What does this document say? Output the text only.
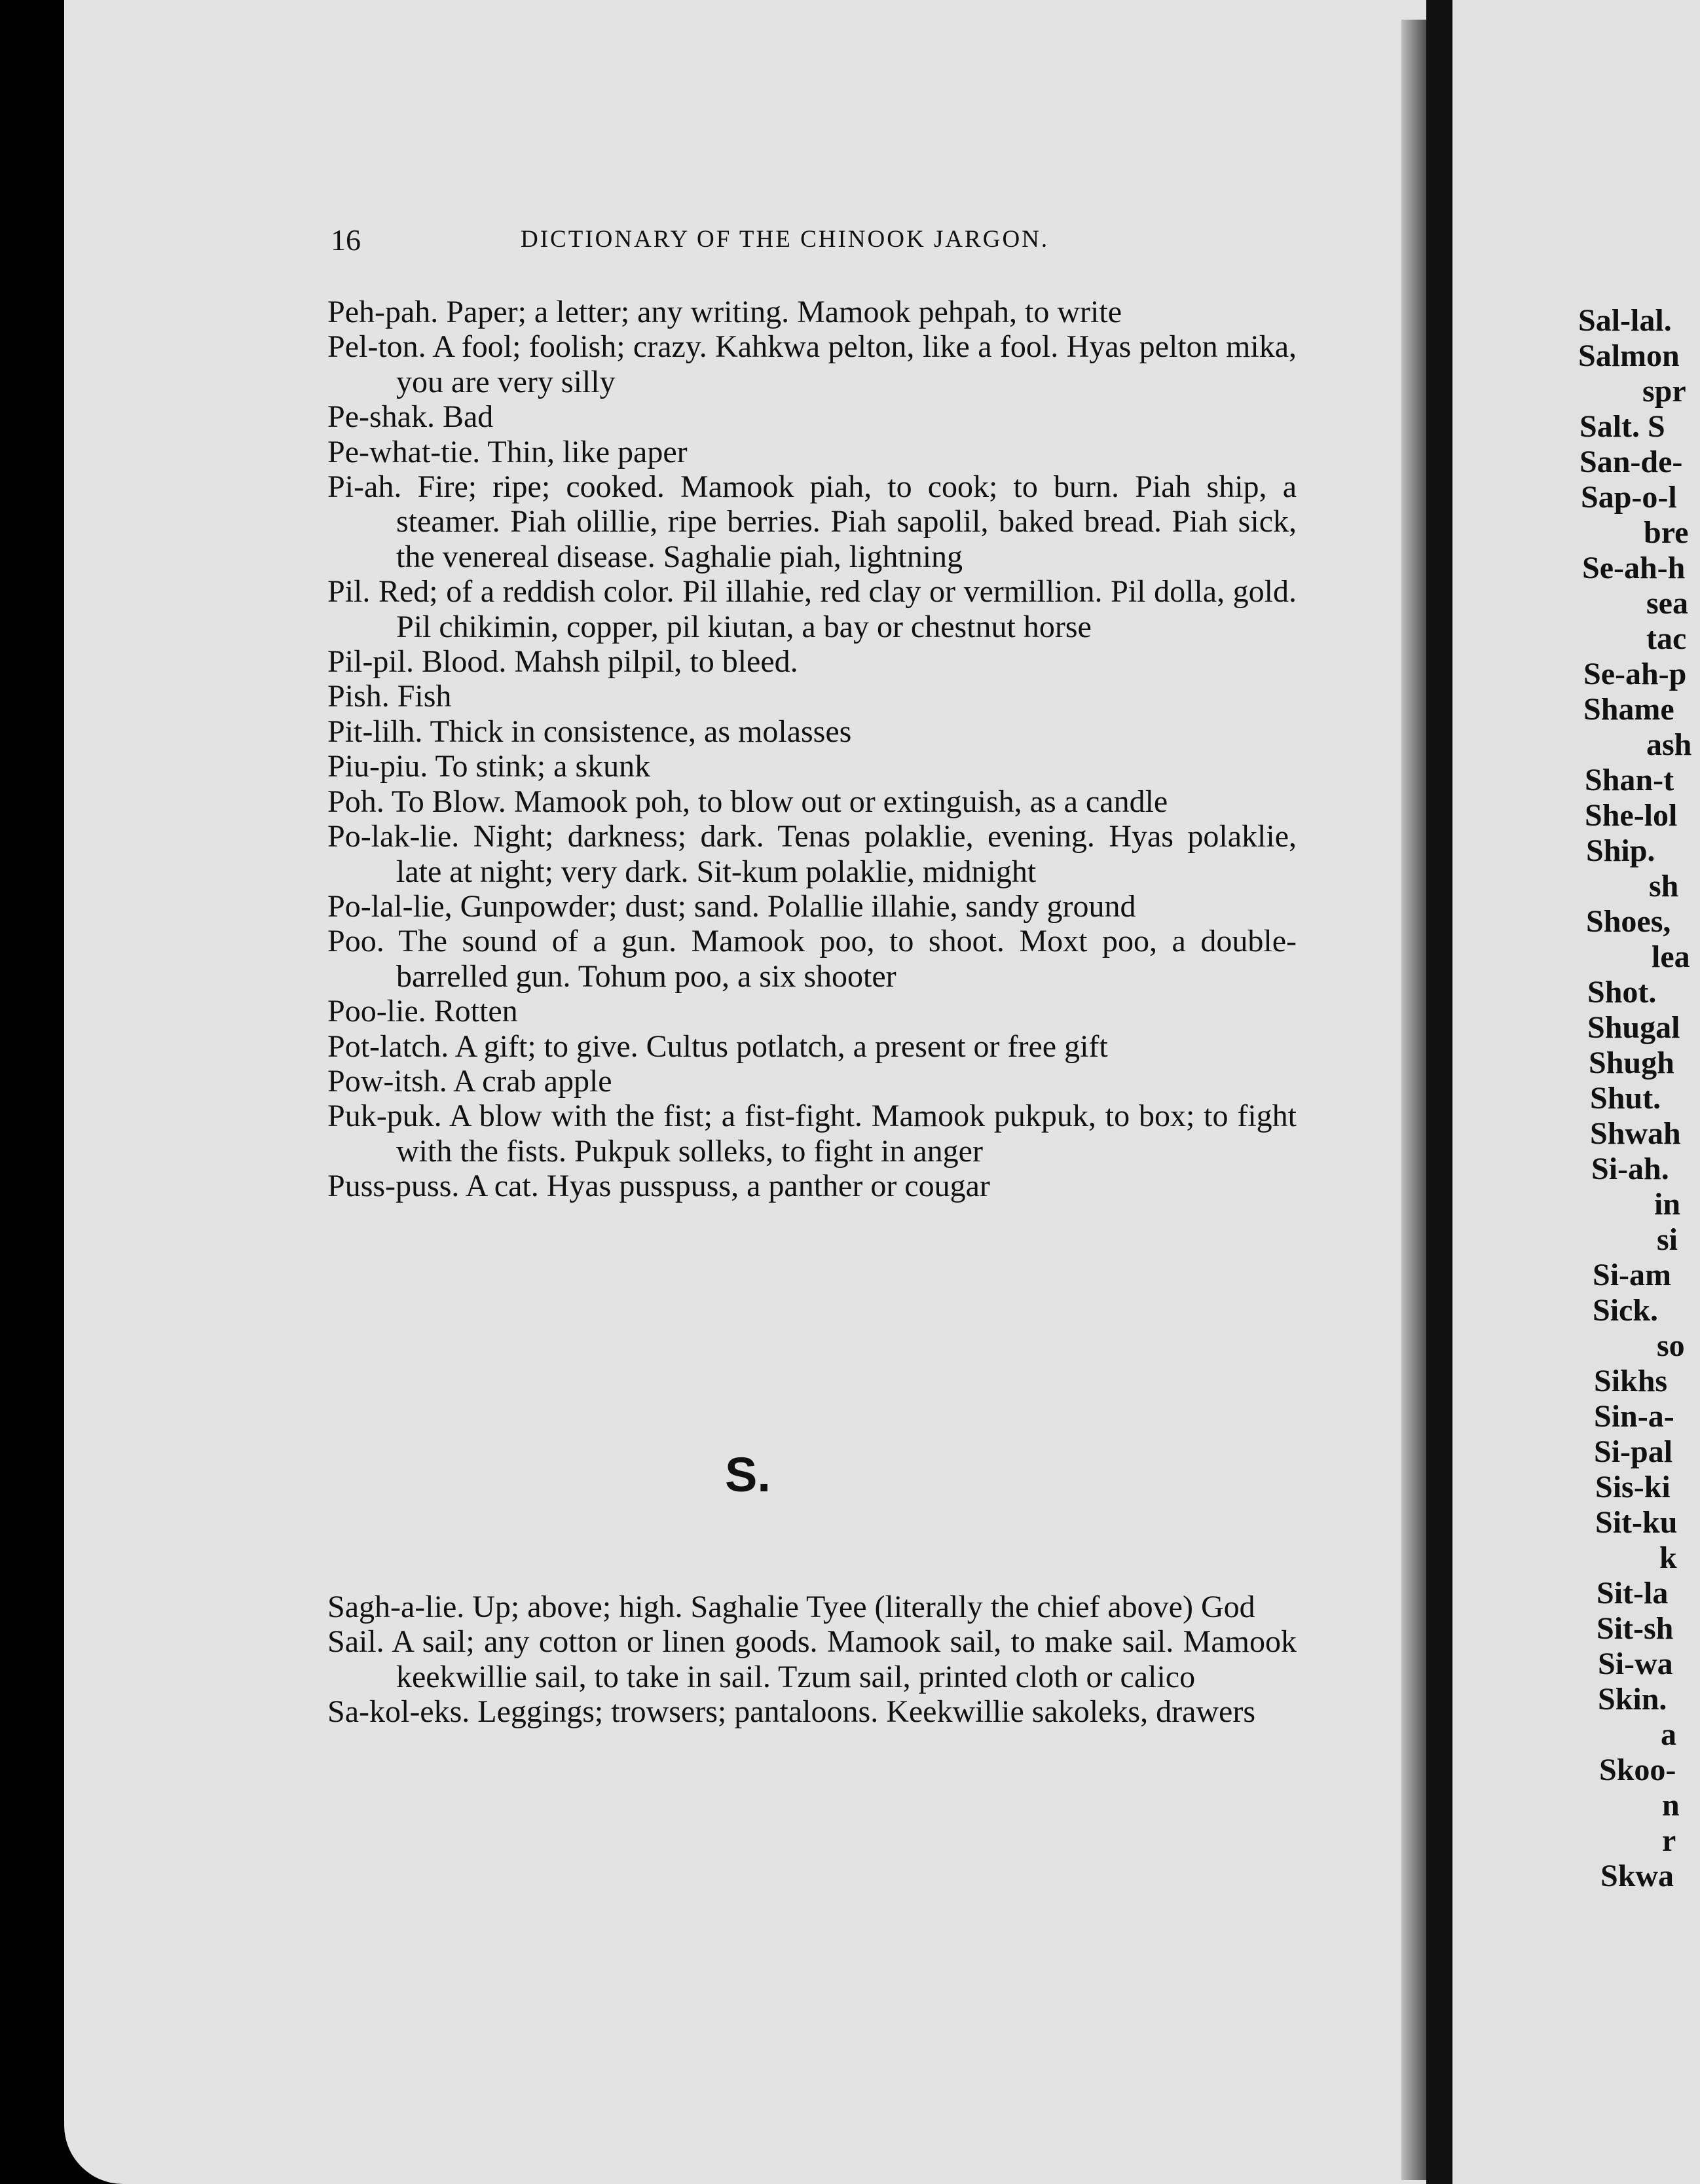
16	DICTIONARY OF THE CHINOOK JARGON.
Peh-pah. Paper; a letter; any writing. Mamook pehpah, to write
Pel-ton. A fool; foolish; crazy. Kahkwa pelton, like a fool. Hyas pelton mika, you are very silly
Pe-shak. Bad
Pe-what-tie. Thin, like paper
Pi-ah. Fire; ripe; cooked. Mamook piah, to cook; to burn. Piah ship, a steamer. Piah olillie, ripe berries. Piah sapolil, baked bread. Piah sick, the venereal disease. Saghalie piah, lightning
Pil. Red; of a reddish color. Pil illahie, red clay or vermillion. Pil dolla, gold. Pil chikimin, copper, pil kiutan, a bay or chestnut horse
Pil-pil. Blood. Mahsh pilpil, to bleed.
Pish. Fish
Pit-lilh. Thick in consistence, as molasses
Piu-piu. To stink; a skunk
Poh. To Blow. Mamook poh, to blow out or extinguish, as a candle
Po-lak-lie. Night; darkness; dark. Tenas polaklie, evening. Hyas polaklie, late at night; very dark. Sit-kum polaklie, midnight
Po-lal-lie, Gunpowder; dust; sand. Polallie illahie, sandy ground
Poo. The sound of a gun. Mamook poo, to shoot. Moxt poo, a double-barrelled gun. Tohum poo, a six shooter
Poo-lie. Rotten
Pot-latch. A gift; to give. Cultus potlatch, a present or free gift
Pow-itsh. A crab apple
Puk-puk. A blow with the fist; a fist-fight. Mamook pukpuk, to box; to fight with the fists. Pukpuk solleks, to fight in anger
Puss-puss. A cat. Hyas pusspuss, a panther or cougar
S.
Sagh-a-lie. Up; above; high. Saghalie Tyee (literally the chief above) God
Sail. A sail; any cotton or linen goods. Mamook sail, to make sail. Mamook keekwillie sail, to take in sail. Tzum sail, printed cloth or calico
Sa-kol-eks. Leggings; trowsers; pantaloons. Keekwillie sakoleks, drawers
Sal-lal.
Salmon
spr
Salt. S
San-de-
Sap-o-l
bre
Se-ah-h
sea
tac
Se-ah-p
Shame
ash
Shan-t
She-lol
Ship.
sh
Shoes,
lea
Shot.
Shugal
Shugh
Shut.
Shwah
Si-ah.
in
si
Si-am
Sick.
so
Sikhs
Sin-a-
Si-pal
Sis-ki
Sit-ku
k
Sit-la
Sit-sh
Si-wa
Skin.
a
Skoo-
n
r
Skwa
